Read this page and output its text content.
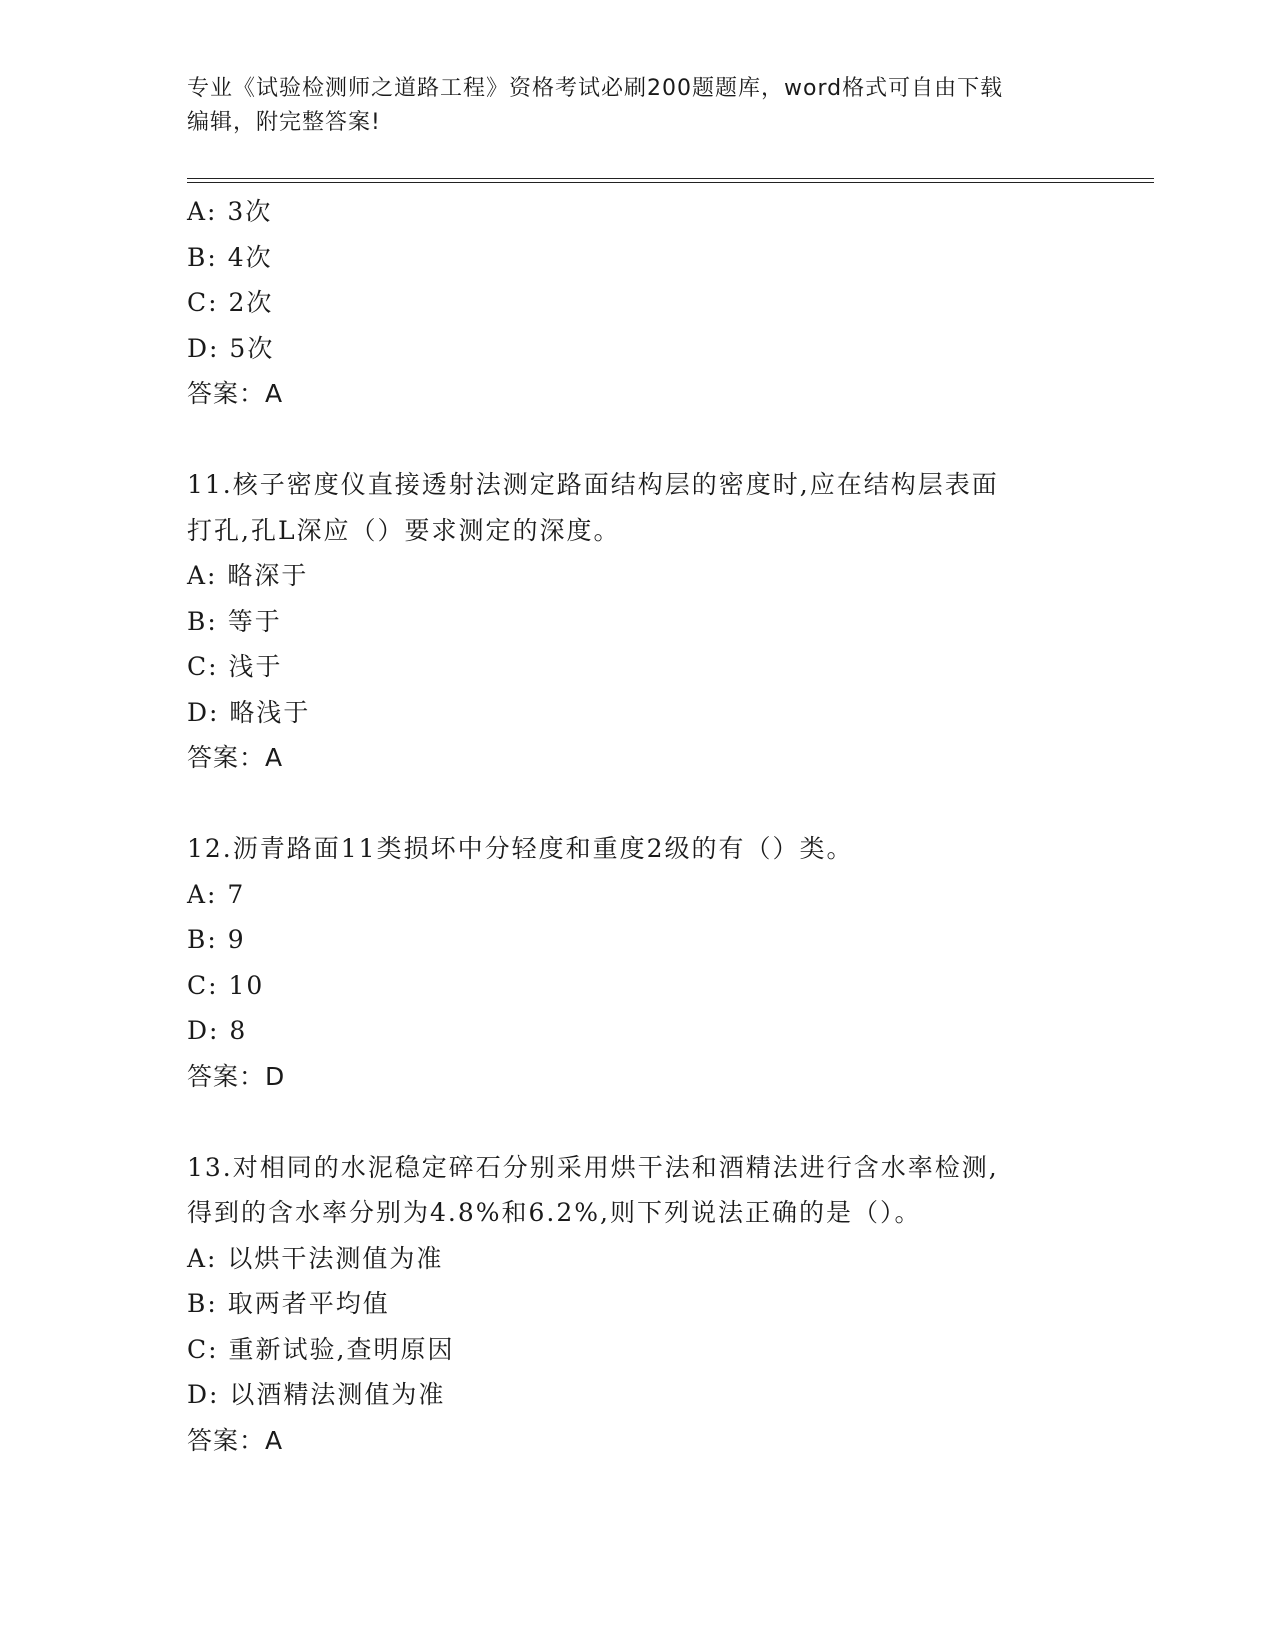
专业《试验检测师之道路工程》资格考试必刷200题题库，word格式可自由下载
编辑，附完整答案!
A: 3次
B: 4次
C: 2次
D: 5次
答案：A
11.核子密度仪直接透射法测定路面结构层的密度时,应在结构层表面
打孔,孔L深应（）要求测定的深度。
A: 略深于
B: 等于
C: 浅于
D: 略浅于
答案：A
12.沥青路面11类损坏中分轻度和重度2级的有（）类。
A: 7
B: 9
C: 10
D: 8
答案：D
13.对相同的水泥稳定碎石分别采用烘干法和酒精法进行含水率检测,
得到的含水率分别为4.8%和6.2%,则下列说法正确的是（）。
A: 以烘干法测值为准
B: 取两者平均值
C: 重新试验,查明原因
D: 以酒精法测值为准
答案：A
